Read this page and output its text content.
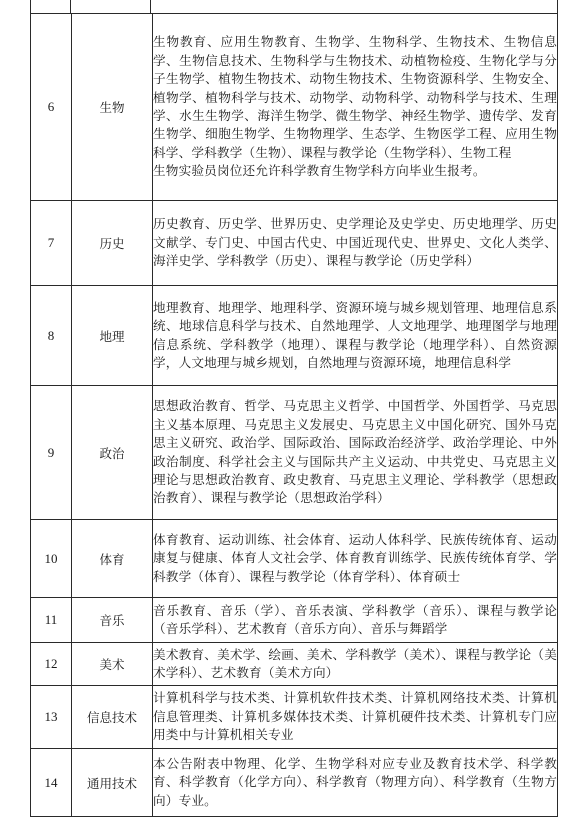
6	生物	生物教育、应用生物教育、生物学、生物科学、生物技术、生物信息学、生物信息技术、生物科学与生物技术、动植物检疫、生物化学与分子生物学、植物生物技术、动物生物技术、生物资源科学、生物安全、植物学、植物科学与技术、动物学、动物科学、动物科学与技术、生理学、水生生物学、海洋生物学、微生物学、神经生物学、遗传学、发育生物学、细胞生物学、生物物理学、生态学、生物医学工程、应用生物科学、学科教学（生物）、课程与教学论（生物学科）、生物工程
生物实验员岗位还允许科学教育生物学科方向毕业生报考。

7	历史	历史教育、历史学、世界历史、史学理论及史学史、历史地理学、历史文献学、专门史、中国古代史、中国近现代史、世界史、文化人类学、海洋史学、学科教学（历史）、课程与教学论（历史学科）
8	地理	地理教育、地理学、地理科学、资源环境与城乡规划管理、地理信息系统、地球信息科学与技术、自然地理学、人文地理学、地理图学与地理信息系统、学科教学（地理）、课程与教学论（地理学科）、自然资源学，人文地理与城乡规划，自然地理与资源环境，地理信息科学
9	政治	思想政治教育、哲学、马克思主义哲学、中国哲学、外国哲学、马克思主义基本原理、马克思主义发展史、马克思主义中国化研究、国外马克思主义研究、政治学、国际政治、国际政治经济学、政治学理论、中外政治制度、科学社会主义与国际共产主义运动、中共党史、马克思主义理论与思想政治教育、政史教育、马克思主义理论、学科教学（思想政治教育）、课程与教学论（思想政治学科）
10	体育	体育教育、运动训练、社会体育、运动人体科学、民族传统体育、运动康复与健康、体育人文社会学、体育教育训练学、民族传统体育学、学科教学（体育）、课程与教学论（体育学科）、体育硕士
11	音乐	音乐教育、音乐（学）、音乐表演、学科教学（音乐）、课程与教学论（音乐学科）、艺术教育（音乐方向）、音乐与舞蹈学
12	美术	美术教育、美术学、绘画、美术、学科教学（美术）、课程与教学论（美术学科）、艺术教育（美术方向）
13	信息技术	计算机科学与技术类、计算机软件技术类、计算机网络技术类、计算机信息管理类、计算机多媒体技术类、计算机硬件技术类、计算机专门应用类中与计算机相关专业
14	通用技术	本公告附表中物理、化学、生物学科对应专业及教育技术学、科学教育、科学教育（化学方向）、科学教育（物理方向）、科学教育（生物方向）专业。
